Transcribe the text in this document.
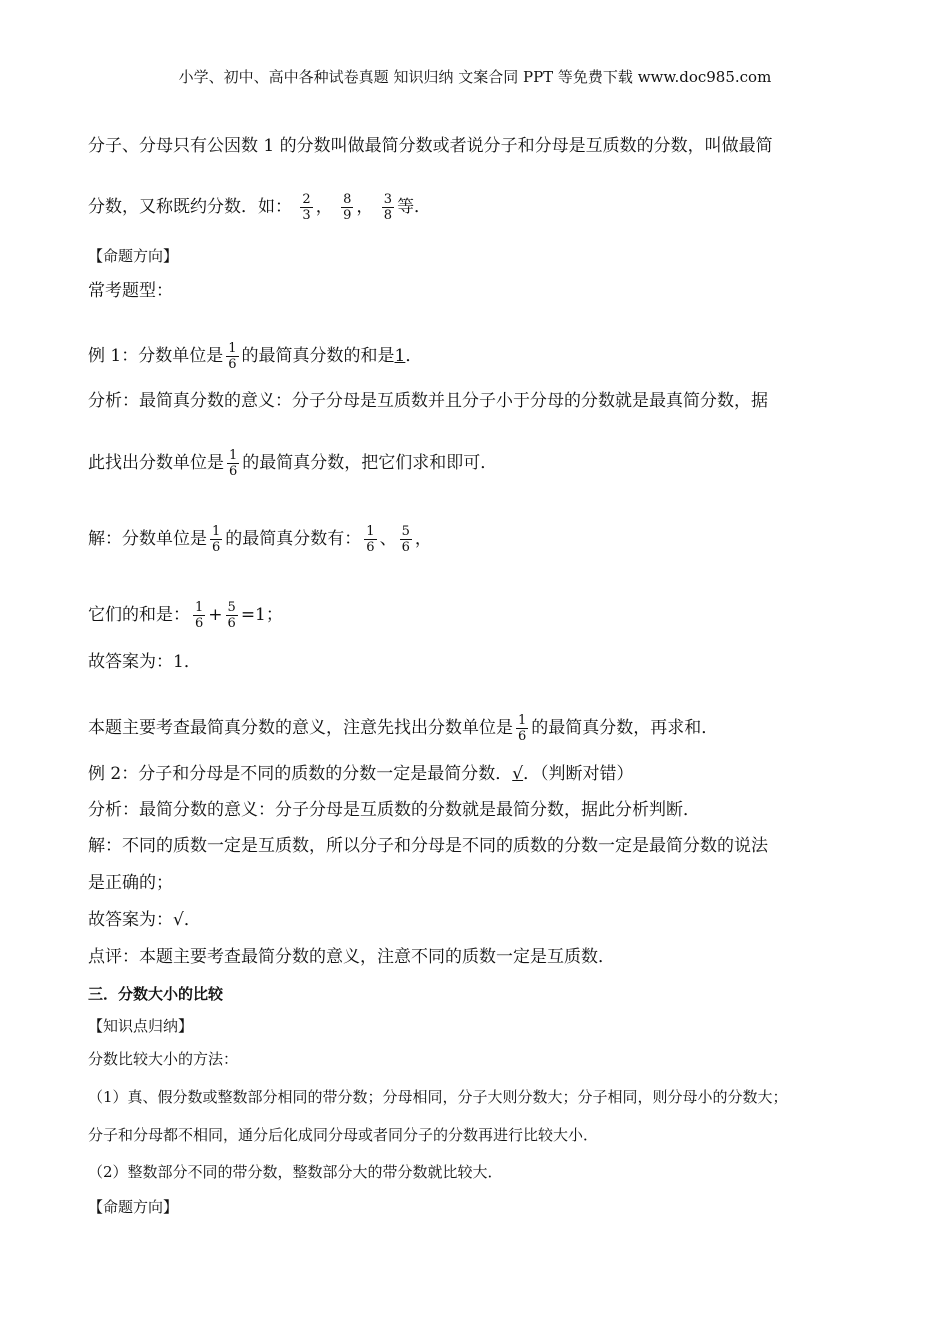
小学、初中、高中各种试卷真题 知识归纳 文案合同 PPT 等免费下载 www.doc985.com
分子、分母只有公因数 1 的分数叫做最简分数或者说分子和分母是互质数的分数，叫做最简
分数，又称既约分数．如： $\frac{2}{3}$ ， $\frac{8}{9}$ ， $\frac{3}{8}$ 等．
【命题方向】
常考题型：
例 1：分数单位是 $\frac{1}{6}$ 的最简真分数的和是1．
分析：最简真分数的意义：分子分母是互质数并且分子小于分母的分数就是最真简分数，据
此找出分数单位是 $\frac{1}{6}$ 的最简真分数，把它们求和即可．
解：分数单位是 $\frac{1}{6}$ 的最简真分数有： $\frac{1}{6}$ 、 $\frac{5}{6}$ ，
它们的和是： $\frac{1}{6} + \frac{5}{6} =1$；
故答案为：1．
本题主要考查最简真分数的意义，注意先找出分数单位是 $\frac{1}{6}$ 的最简真分数，再求和．
例 2：分子和分母是不同的质数的分数一定是最简分数．√．（判断对错）
分析：最简分数的意义：分子分母是互质数的分数就是最简分数，据此分析判断．
解：不同的质数一定是互质数，所以分子和分母是不同的质数的分数一定是最简分数的说法
是正确的；
故答案为：√．
点评：本题主要考查最简分数的意义，注意不同的质数一定是互质数．
三．分数大小的比较
【知识点归纳】
分数比较大小的方法：
（1）真、假分数或整数部分相同的带分数；分母相同，分子大则分数大；分子相同，则分母小的分数大；
分子和分母都不相同，通分后化成同分母或者同分子的分数再进行比较大小．
（2）整数部分不同的带分数，整数部分大的带分数就比较大．
【命题方向】
